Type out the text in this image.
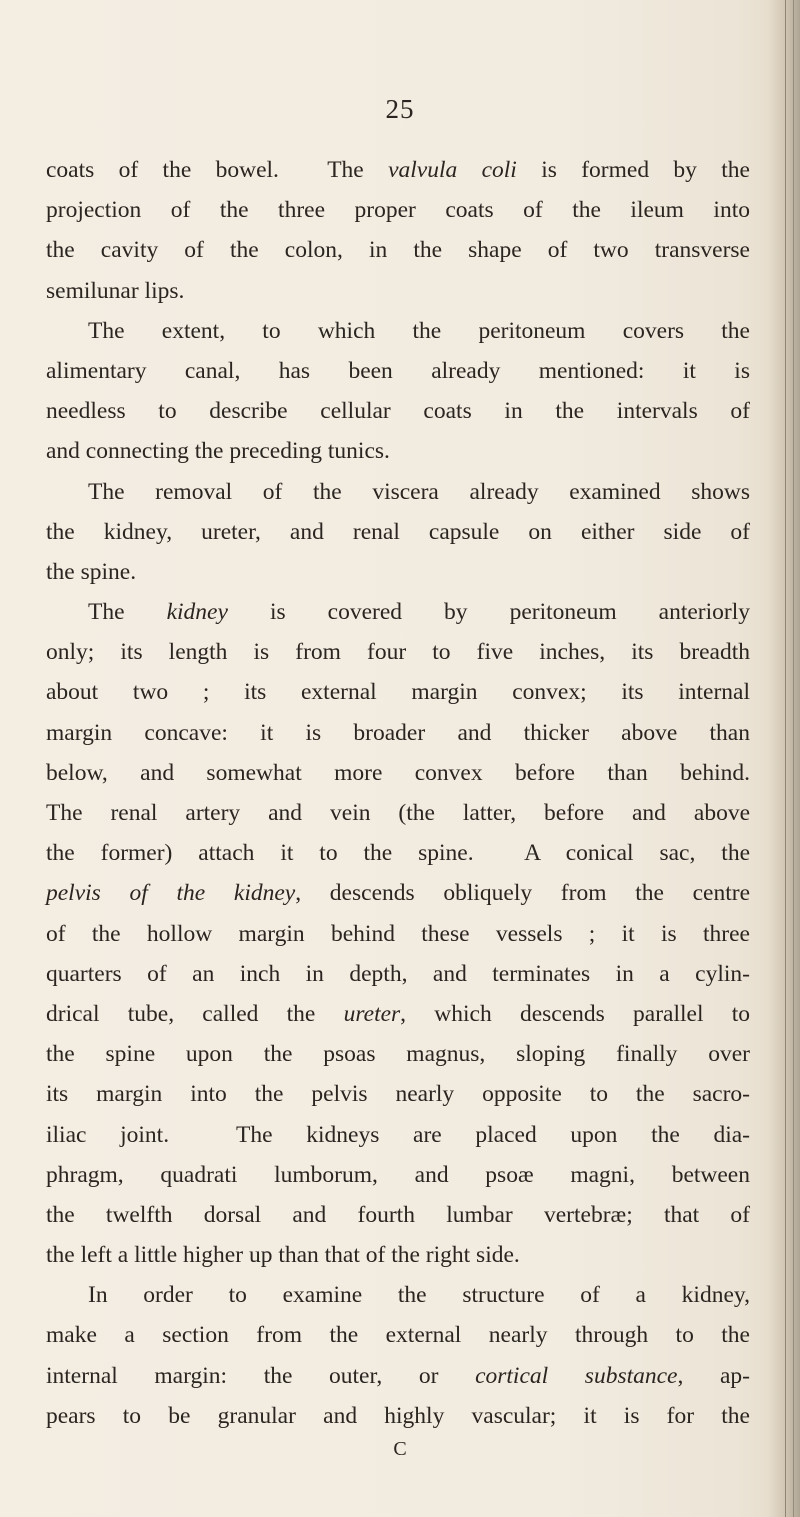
25
coats of the bowel.  The valvula coli is formed by the
projection of the three proper coats of the ileum into
the cavity of the colon, in the shape of two transverse
semilunar lips.
The extent, to which the peritoneum covers the
alimentary canal, has been already mentioned: it is
needless to describe cellular coats in the intervals of
and connecting the preceding tunics.
The removal of the viscera already examined shows
the kidney, ureter, and renal capsule on either side of
the spine.
The kidney is covered by peritoneum anteriorly
only; its length is from four to five inches, its breadth
about two ; its external margin convex; its internal
margin concave: it is broader and thicker above than
below, and somewhat more convex before than behind.
The renal artery and vein (the latter, before and above
the former) attach it to the spine.  A conical sac, the
pelvis of the kidney, descends obliquely from the centre
of the hollow margin behind these vessels ; it is three
quarters of an inch in depth, and terminates in a cylin-
drical tube, called the ureter, which descends parallel to
the spine upon the psoas magnus, sloping finally over
its margin into the pelvis nearly opposite to the sacro-
iliac joint.  The kidneys are placed upon the dia-
phragm, quadrati lumborum, and psoæ magni, between
the twelfth dorsal and fourth lumbar vertebræ; that of
the left a little higher up than that of the right side.
In order to examine the structure of a kidney,
make a section from the external nearly through to the
internal margin: the outer, or cortical substance, ap-
pears to be granular and highly vascular; it is for the
C
